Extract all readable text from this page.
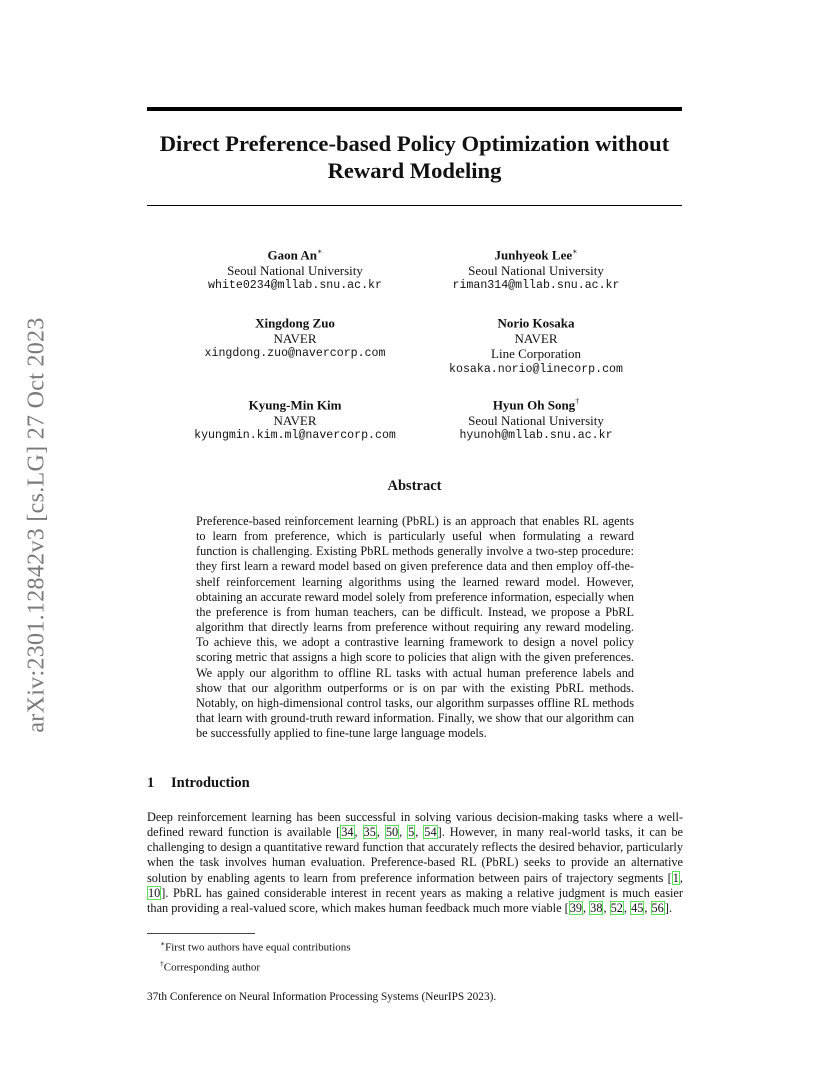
arXiv:2301.12842v3 [cs.LG] 27 Oct 2023
Direct Preference-based Policy Optimization without
Reward Modeling
Gaon An∗
Seoul National University
white0234@mllab.snu.ac.kr
Junhyeok Lee∗
Seoul National University
riman314@mllab.snu.ac.kr
Xingdong Zuo
NAVER
xingdong.zuo@navercorp.com
Norio Kosaka
NAVER
Line Corporation
kosaka.norio@linecorp.com
Kyung-Min Kim
NAVER
kyungmin.kim.ml@navercorp.com
Hyun Oh Song†
Seoul National University
hyunoh@mllab.snu.ac.kr
Abstract
Preference-based reinforcement learning (PbRL) is an approach that enables RL agents to learn from preference, which is particularly useful when formulating a reward function is challenging. Existing PbRL methods generally involve a two-step procedure: they first learn a reward model based on given preference data and then employ off-the-shelf reinforcement learning algorithms using the learned reward model. However, obtaining an accurate reward model solely from preference information, especially when the preference is from human teachers, can be difficult. Instead, we propose a PbRL algorithm that directly learns from preference without requiring any reward modeling. To achieve this, we adopt a contrastive learning framework to design a novel policy scoring metric that assigns a high score to policies that align with the given preferences. We apply our algorithm to offline RL tasks with actual human preference labels and show that our algorithm outperforms or is on par with the existing PbRL methods. Notably, on high-dimensional control tasks, our algorithm surpasses offline RL methods that learn with ground-truth reward information. Finally, we show that our algorithm can be successfully applied to fine-tune large language models.
1 Introduction
Deep reinforcement learning has been successful in solving various decision-making tasks where a well-defined reward function is available [34, 35, 50, 5, 54]. However, in many real-world tasks, it can be challenging to design a quantitative reward function that accurately reflects the desired behavior, particularly when the task involves human evaluation. Preference-based RL (PbRL) seeks to provide an alternative solution by enabling agents to learn from preference information between pairs of trajectory segments [1, 10]. PbRL has gained considerable interest in recent years as making a relative judgment is much easier than providing a real-valued score, which makes human feedback much more viable [39, 38, 52, 45, 56].
∗First two authors have equal contributions
†Corresponding author
37th Conference on Neural Information Processing Systems (NeurIPS 2023).
